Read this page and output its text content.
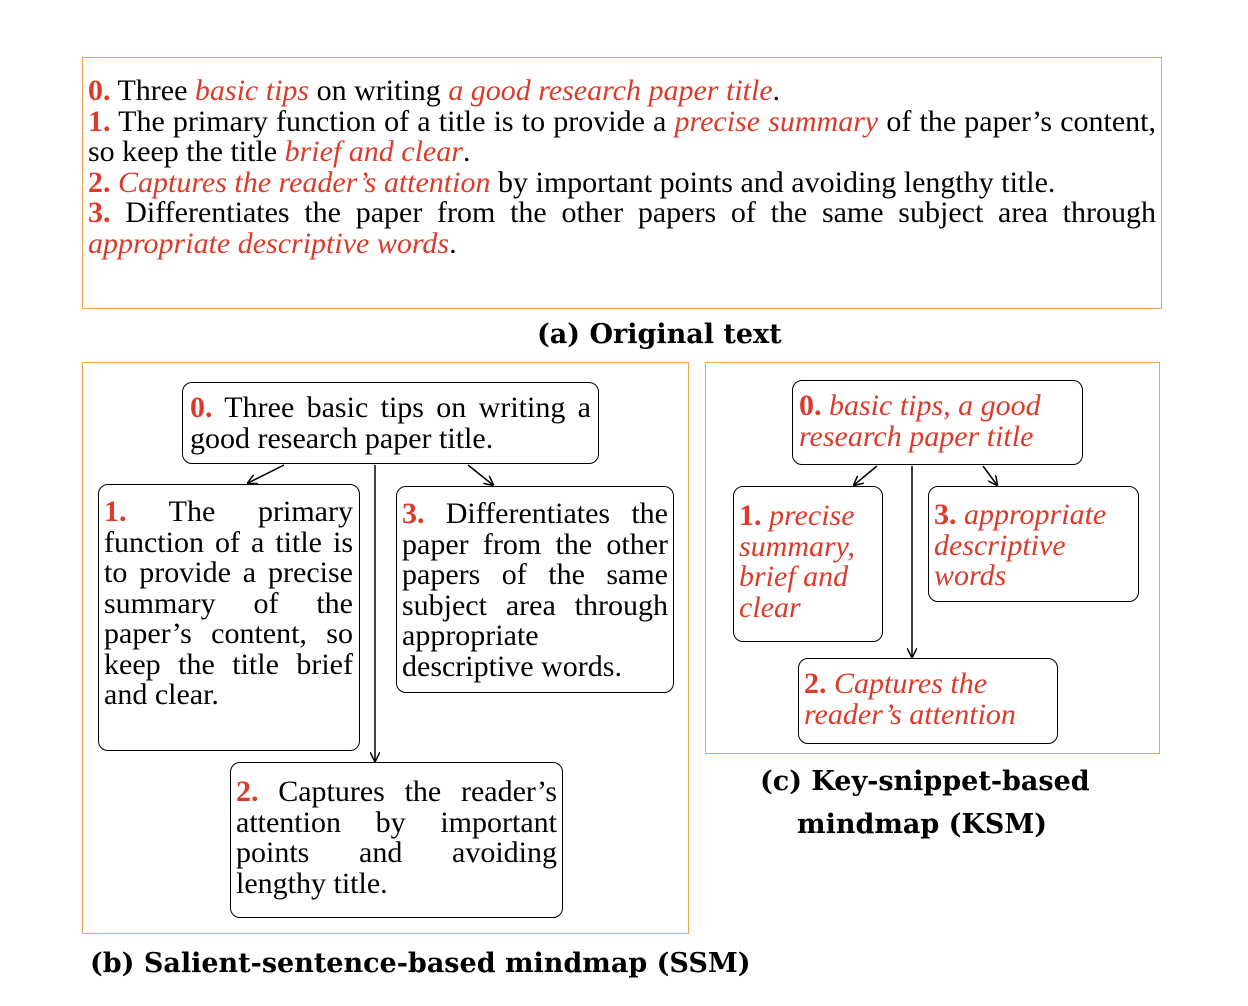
0. Three basic tips on writing a good research paper title.

1. The primary function of a title is to provide a precise summary of the paper’s content, so keep the title brief and clear.

2. Captures the reader’s attention by important points and avoiding lengthy title.

3. Differentiates the paper from the other papers of the same subject area through appropriate descriptive words.

(a) Original text
0. Three basic tips on writing a good research paper title.
1. The primary function of a title is to provide a precise summary of the paper’s content, so keep the title brief and clear.
3. Differentiates the paper from the other papers of the same subject area through appropriate descriptive words.
2. Captures the reader’s attention by important points and avoiding lengthy title.
(b) Salient-sentence-based mindmap (SSM)
0. basic tips, a good research paper title
1. precise summary, brief and clear
3. appropriate descriptive words
2. Captures the reader’s attention
(c) Key-snippet-based
mindmap (KSM)
